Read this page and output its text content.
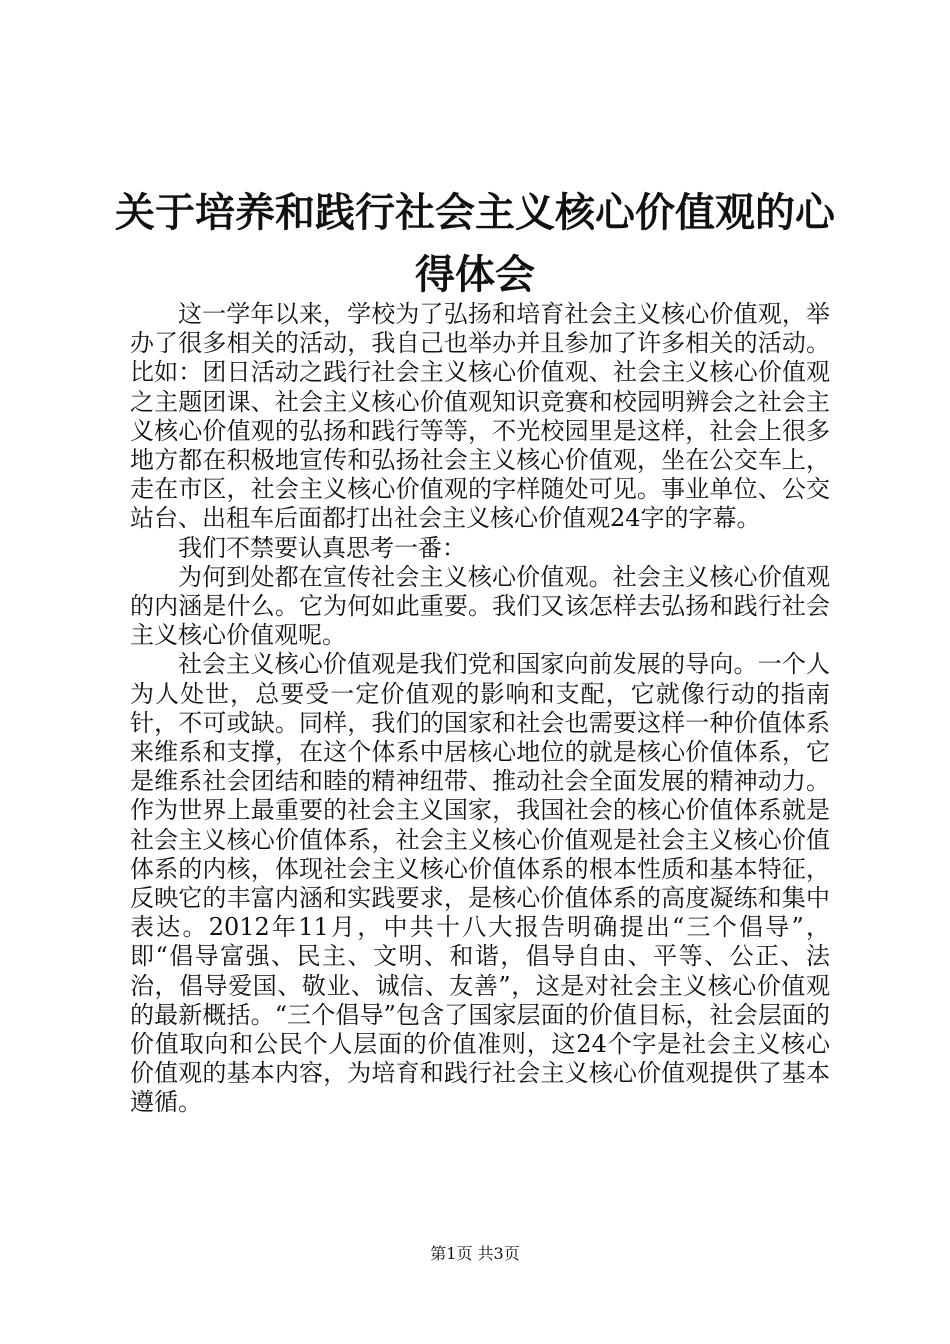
关于培养和践行社会主义核心价值观的心得体会

这一学年以来，学校为了弘扬和培育社会主义核心价值观，举办了很多相关的活动，我自己也举办并且参加了许多相关的活动。比如：团日活动之践行社会主义核心价值观、社会主义核心价值观之主题团课、社会主义核心价值观知识竞赛和校园明辨会之社会主义核心价值观的弘扬和践行等等，不光校园里是这样，社会上很多地方都在积极地宣传和弘扬社会主义核心价值观，坐在公交车上，走在市区，社会主义核心价值观的字样随处可见。事业单位、公交站台、出租车后面都打出社会主义核心价值观24字的字幕。

我们不禁要认真思考一番：

为何到处都在宣传社会主义核心价值观。社会主义核心价值观的内涵是什么。它为何如此重要。我们又该怎样去弘扬和践行社会主义核心价值观呢。

社会主义核心价值观是我们党和国家向前发展的导向。一个人为人处世，总要受一定价值观的影响和支配，它就像行动的指南针，不可或缺。同样，我们的国家和社会也需要这样一种价值体系来维系和支撑，在这个体系中居核心地位的就是核心价值体系，它是维系社会团结和睦的精神纽带、推动社会全面发展的精神动力。作为世界上最重要的社会主义国家，我国社会的核心价值体系就是社会主义核心价值体系，社会主义核心价值观是社会主义核心价值体系的内核，体现社会主义核心价值体系的根本性质和基本特征，反映它的丰富内涵和实践要求，是核心价值体系的高度凝练和集中表达。2012年11月，中共十八大报告明确提出“三个倡导”，即“倡导富强、民主、文明、和谐，倡导自由、平等、公正、法治，倡导爱国、敬业、诚信、友善”，这是对社会主义核心价值观的最新概括。“三个倡导”包含了国家层面的价值目标，社会层面的价值取向和公民个人层面的价值准则，这24个字是社会主义核心价值观的基本内容，为培育和践行社会主义核心价值观提供了基本遵循。

第1页 共3页
